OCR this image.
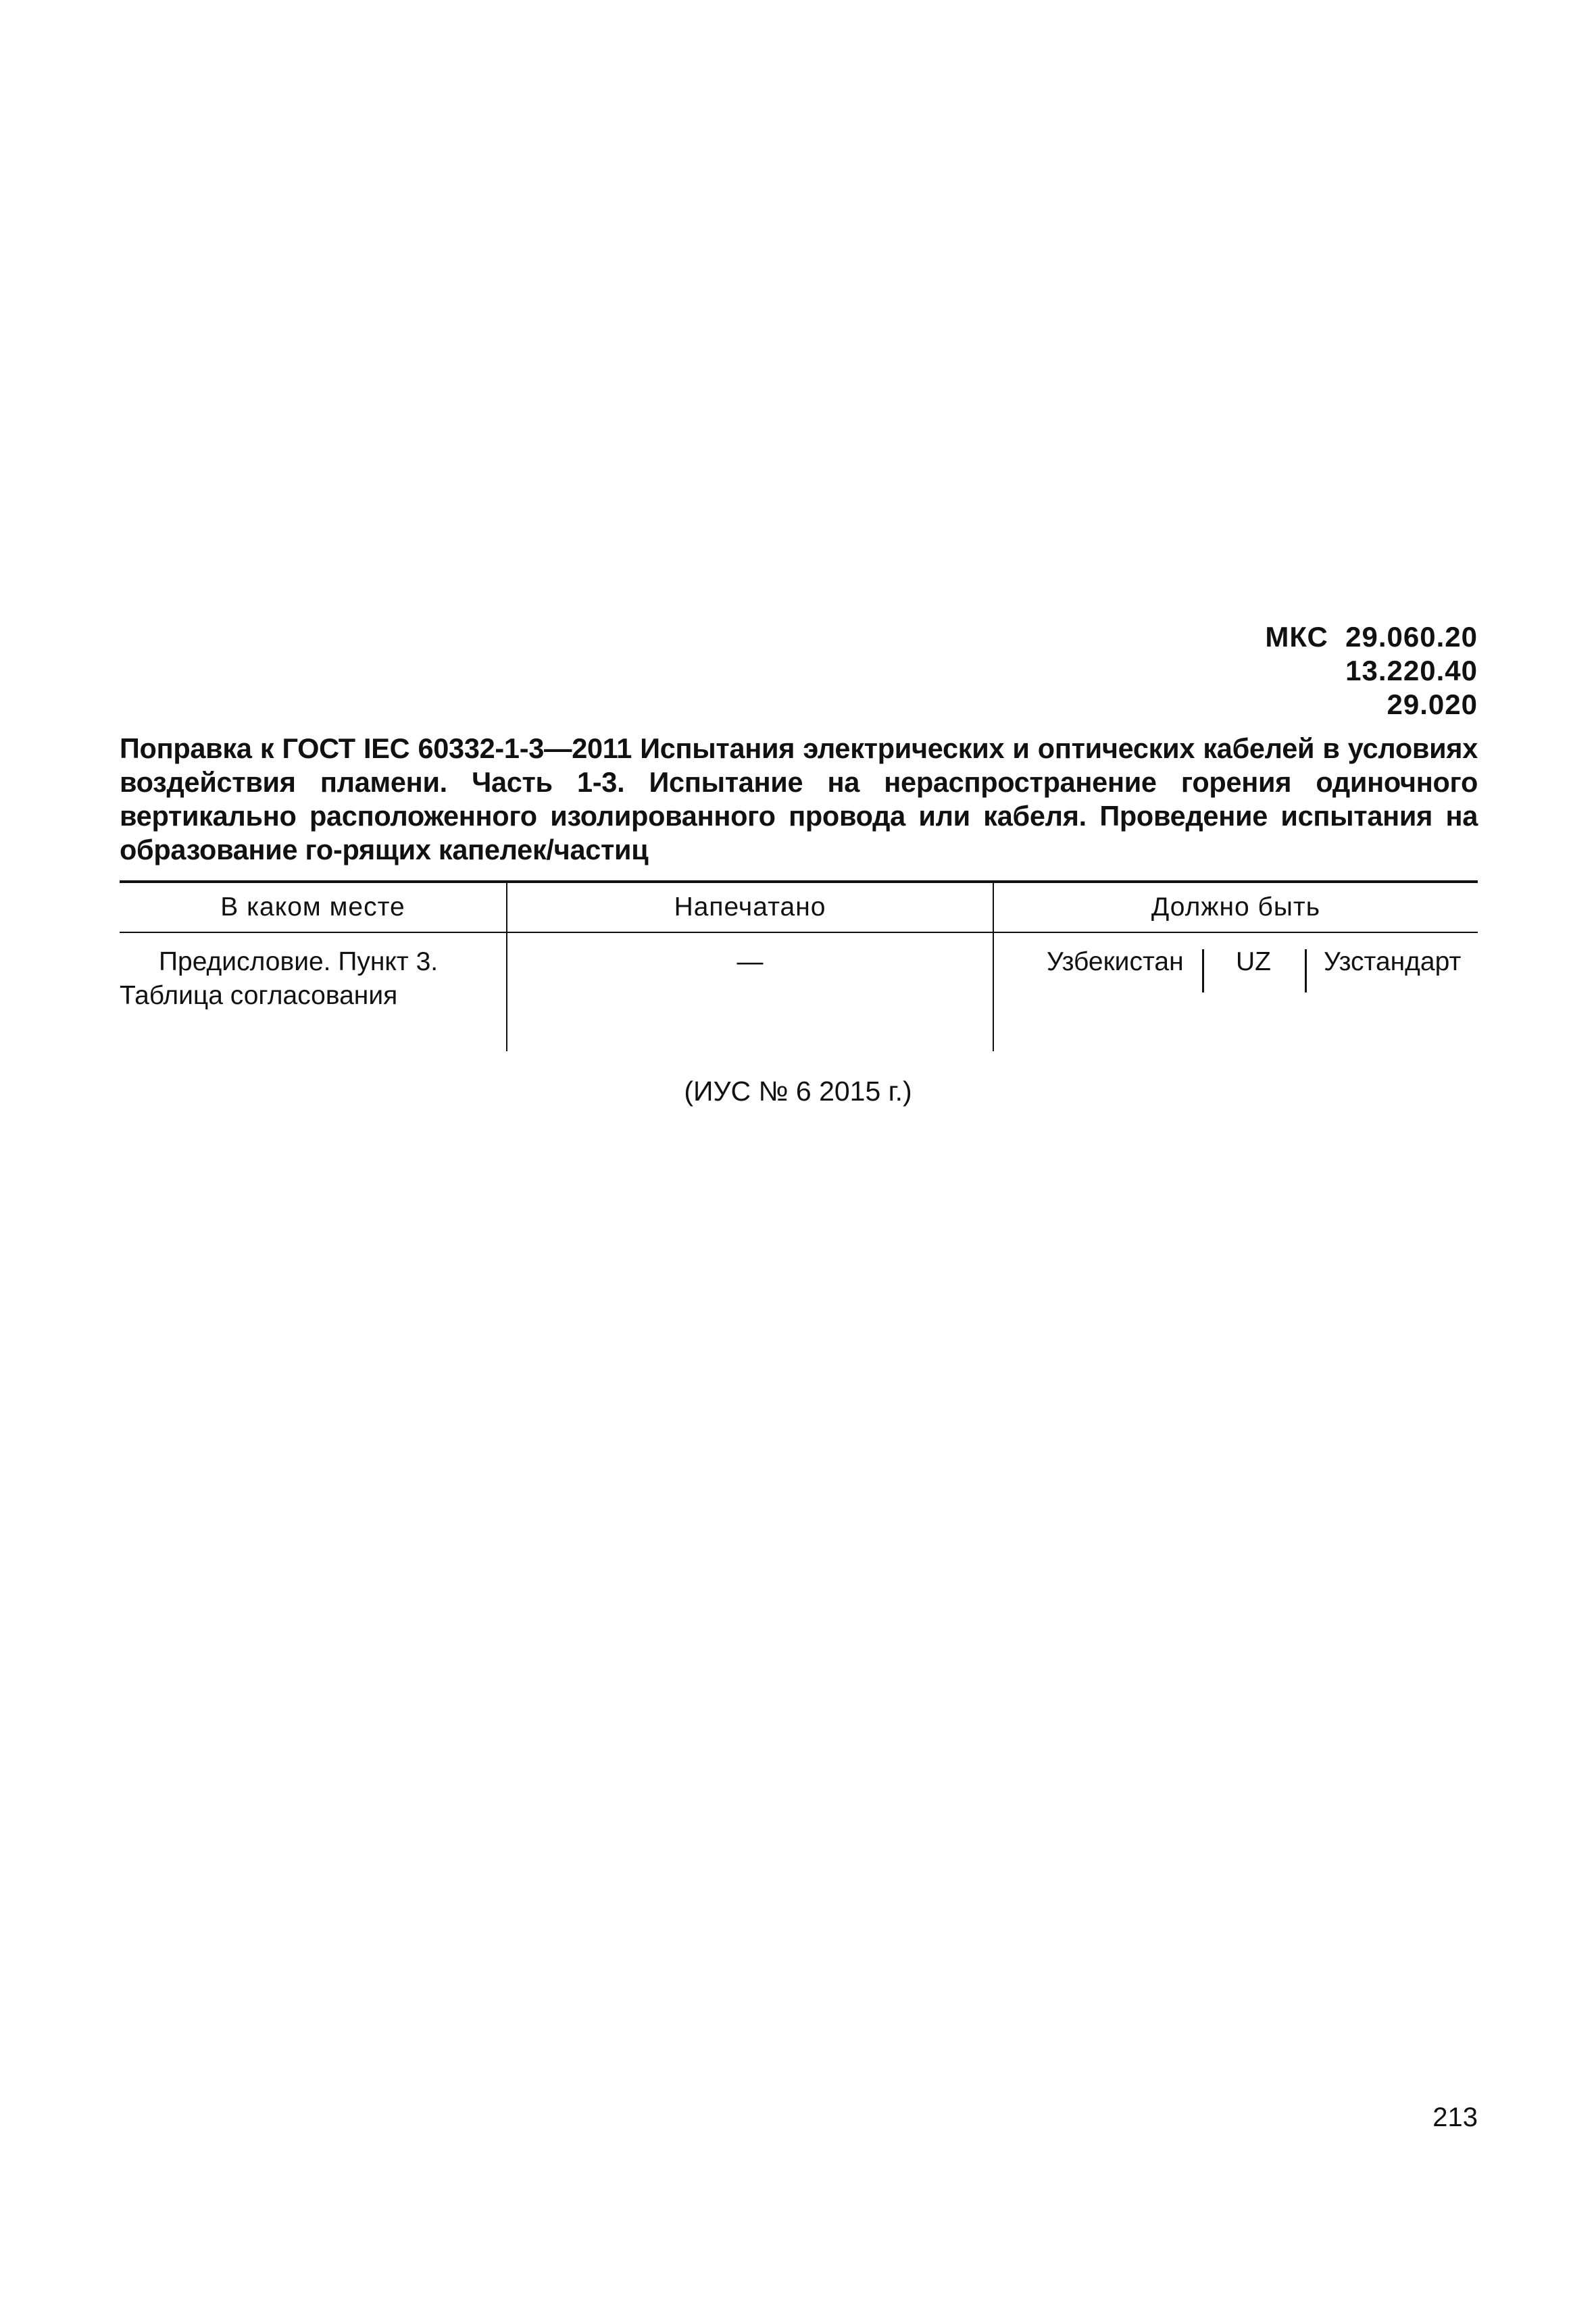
МКС  29.060.20
13.220.40
29.020
Поправка к ГОСТ IEC 60332-1-3—2011 Испытания электрических и оптических кабелей в условиях воздействия пламени. Часть 1-3. Испытание на нераспространение горения одиночного вертикально расположенного изолированного провода или кабеля. Проведение испытания на образование го-рящих капелек/частиц
В каком месте	Напечатано	Должно быть

Предисловие. Пункт 3.
Таблица согласования	—	Узбекистан UZ Узстандарт
(ИУС № 6 2015 г.)
213
